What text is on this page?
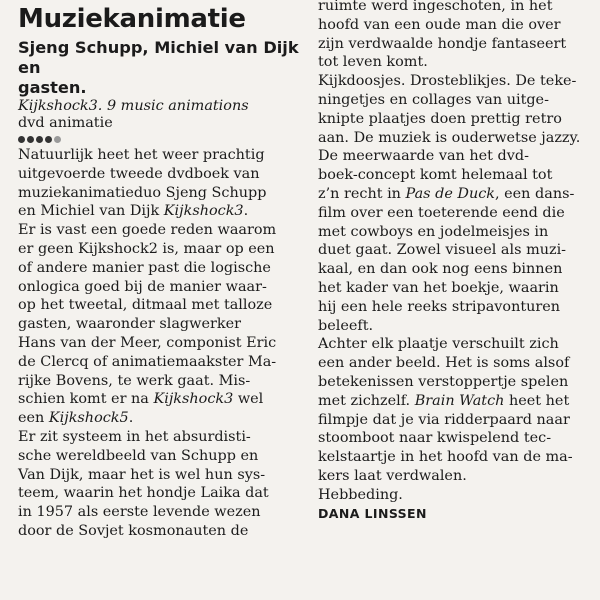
Muziekanimatie
Sjeng Schupp, Michiel van Dijk en
gasten.
Kijkshock3. 9 music animations
dvd animatie

Natuurlijk heet het weer prachtig
uitgevoerde tweede dvdboek van
muziekanimatieduo Sjeng Schupp
en Michiel van Dijk Kijkshock3.

Er is vast een goede reden waarom
er geen Kijkshock2 is, maar op een
of andere manier past die logische
onlogica goed bij de manier waar-
op het tweetal, ditmaal met talloze
gasten, waaronder slagwerker
Hans van der Meer, componist Eric
de Clercq of animatiemaakster Ma-
rijke Bovens, te werk gaat. Mis-
schien komt er na Kijkshock3 wel
een Kijkshock5.

Er zit systeem in het absurdisti-
sche wereldbeeld van Schupp en
Van Dijk, maar het is wel hun sys-
teem, waarin het hondje Laika dat
in 1957 als eerste levende wezen
door de Sovjet kosmonauten de

ruimte werd ingeschoten, in het
hoofd van een oude man die over
zijn verdwaalde hondje fantaseert
tot leven komt.

Kijkdoosjes. Drosteblikjes. De teke-
ningetjes en collages van uitge-
knipte plaatjes doen prettig retro
aan. De muziek is ouderwetse jazzy.
De meerwaarde van het dvd-
boek-concept komt helemaal tot
z’n recht in Pas de Duck, een dans-
film over een toeterende eend die
met cowboys en jodelmeisjes in
duet gaat. Zowel visueel als muzi-
kaal, en dan ook nog eens binnen
het kader van het boekje, waarin
hij een hele reeks stripavonturen
beleeft.

Achter elk plaatje verschuilt zich
een ander beeld. Het is soms alsof
betekenissen verstoppertje spelen
met zichzelf. Brain Watch heet het
filmpje dat je via ridderpaard naar
stoomboot naar kwispelend tec-
kelstaartje in het hoofd van de ma-
kers laat verdwalen.

Hebbeding.

DANA LINSSEN
